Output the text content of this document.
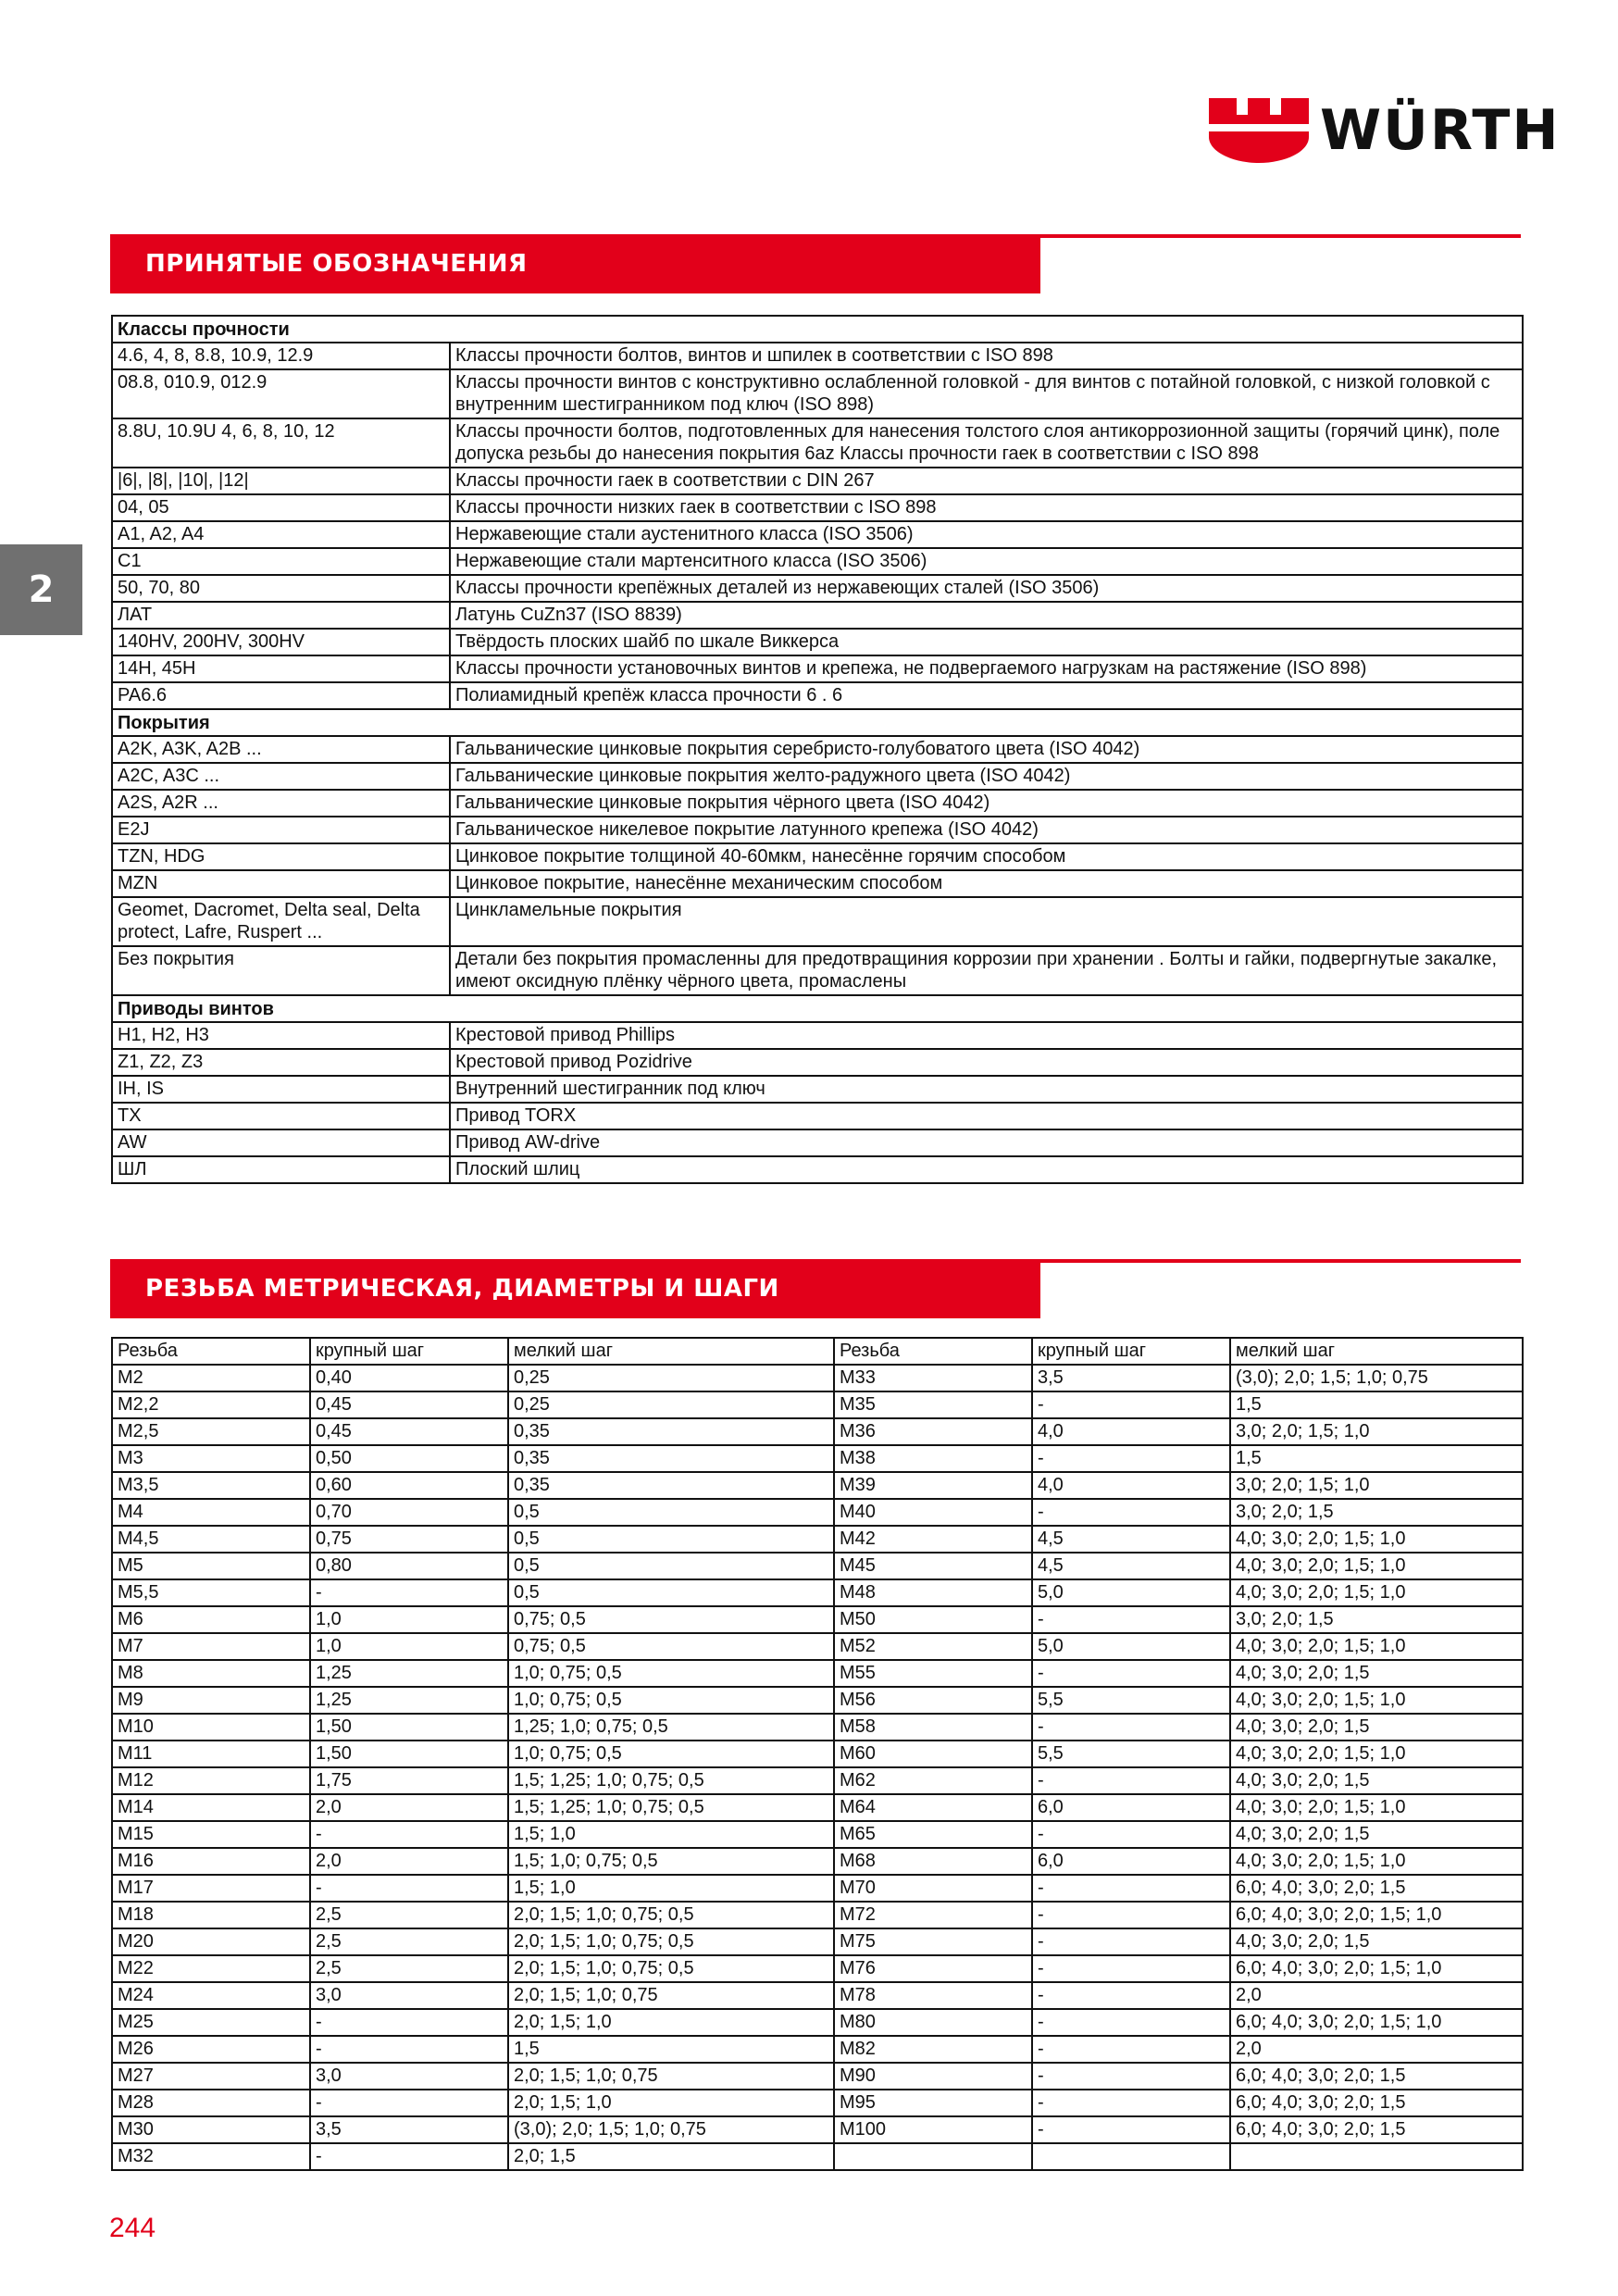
WÜRTH
2
ПРИНЯТЫЕ ОБОЗНАЧЕНИЯ
Классы прочности	
4.6, 4, 8, 8.8, 10.9, 12.9	Классы прочности болтов, винтов и шпилек в соответствии с ISO 898
08.8, 010.9, 012.9	Классы прочности винтов с конструктивно ослабленной головкой - для винтов с потайной головкой, с низкой головкой с внутренним шестигранником под ключ (ISO 898)
8.8U, 10.9U 4, 6, 8, 10, 12	Классы прочности болтов, подготовленных для нанесения толстого слоя антикоррозионной защиты (горячий цинк), поле допуска резьбы до нанесения покрытия 6az Классы прочности гаек в соответствии с ISO 898
|6|, |8|, |10|, |12|	Классы прочности гаек в соответствии с DIN 267
04, 05	Классы прочности низких гаек в соответствии с ISO 898
A1, A2, A4	Нержавеющие стали аустенитного класса (ISO 3506)
C1	Нержавеющие стали мартенситного класса (ISO 3506)
50, 70, 80	Классы прочности крепёжных деталей из нержавеющих сталей (ISO 3506)
ЛАТ	Латунь CuZn37 (ISO 8839)
140HV, 200HV, 300HV	Твёрдость плоских шайб по шкале Виккерса
14H, 45H	Классы прочности установочных винтов и крепежа, не подвергаемого нагрузкам на растяжение (ISO 898)
PA6.6	Полиамидный крепёж класса прочности 6 . 6
Покрытия	
A2K, A3K, A2B ...	Гальванические цинковые покрытия серебристо-голубоватого цвета (ISO 4042)
A2C, A3C ...	Гальванические цинковые покрытия желто-радужного цвета (ISO 4042)
A2S, A2R ...	Гальванические цинковые покрытия чёрного цвета (ISO 4042)
E2J	Гальваническое никелевое покрытие латунного крепежа (ISO 4042)
TZN, HDG	Цинковое покрытие толщиной 40-60мкм, нанесённе горячим способом
MZN	Цинковое покрытие, нанесённе механическим способом
Geomet, Dacromet, Delta seal, Delta protect, Lafre, Ruspert ...	Цинкламельные покрытия
Без покрытия	Детали без покрытия промасленны для предотвращиния коррозии при хранении . Болты и гайки, подвергнутые закалке, имеют оксидную плёнку чёрного цвета, промаслены
Приводы винтов	
H1, H2, H3	Крестовой привод Phillips
Z1, Z2, Z3	Крестовой привод Pozidrive
IH, IS	Внутренний шестигранник под ключ
TX	Привод TORX
AW	Привод AW-drive
ШЛ	Плоский шлиц
РЕЗЬБА МЕТРИЧЕСКАЯ, ДИАМЕТРЫ И ШАГИ
Резьба	крупный шаг	мелкий шаг	Резьба	крупный шаг	мелкий шаг
M2	0,40	0,25	M33	3,5	(3,0); 2,0; 1,5; 1,0; 0,75
M2,2	0,45	0,25	M35	-	1,5
M2,5	0,45	0,35	M36	4,0	3,0; 2,0; 1,5; 1,0
M3	0,50	0,35	M38	-	1,5
M3,5	0,60	0,35	M39	4,0	3,0; 2,0; 1,5; 1,0
M4	0,70	0,5	M40	-	3,0; 2,0; 1,5
M4,5	0,75	0,5	M42	4,5	4,0; 3,0; 2,0; 1,5; 1,0
M5	0,80	0,5	M45	4,5	4,0; 3,0; 2,0; 1,5; 1,0
M5,5	-	0,5	M48	5,0	4,0; 3,0; 2,0; 1,5; 1,0
M6	1,0	0,75; 0,5	M50	-	3,0; 2,0; 1,5
M7	1,0	0,75; 0,5	M52	5,0	4,0; 3,0; 2,0; 1,5; 1,0
M8	1,25	1,0; 0,75; 0,5	M55	-	4,0; 3,0; 2,0; 1,5
M9	1,25	1,0; 0,75; 0,5	M56	5,5	4,0; 3,0; 2,0; 1,5; 1,0
M10	1,50	1,25; 1,0; 0,75; 0,5	M58	-	4,0; 3,0; 2,0; 1,5
M11	1,50	1,0; 0,75; 0,5	M60	5,5	4,0; 3,0; 2,0; 1,5; 1,0
M12	1,75	1,5; 1,25; 1,0; 0,75; 0,5	M62	-	4,0; 3,0; 2,0; 1,5
M14	2,0	1,5; 1,25; 1,0; 0,75; 0,5	M64	6,0	4,0; 3,0; 2,0; 1,5; 1,0
M15	-	1,5; 1,0	M65	-	4,0; 3,0; 2,0; 1,5
M16	2,0	1,5; 1,0; 0,75; 0,5	M68	6,0	4,0; 3,0; 2,0; 1,5; 1,0
M17	-	1,5; 1,0	M70	-	6,0; 4,0; 3,0; 2,0; 1,5
M18	2,5	2,0; 1,5; 1,0; 0,75; 0,5	M72	-	6,0; 4,0; 3,0; 2,0; 1,5; 1,0
M20	2,5	2,0; 1,5; 1,0; 0,75; 0,5	M75	-	4,0; 3,0; 2,0; 1,5
M22	2,5	2,0; 1,5; 1,0; 0,75; 0,5	M76	-	6,0; 4,0; 3,0; 2,0; 1,5; 1,0
M24	3,0	2,0; 1,5; 1,0; 0,75	M78	-	2,0
M25	-	2,0; 1,5; 1,0	M80	-	6,0; 4,0; 3,0; 2,0; 1,5; 1,0
M26	-	1,5	M82	-	2,0
M27	3,0	2,0; 1,5; 1,0; 0,75	M90	-	6,0; 4,0; 3,0; 2,0; 1,5
M28	-	2,0; 1,5; 1,0	M95	-	6,0; 4,0; 3,0; 2,0; 1,5
M30	3,5	(3,0); 2,0; 1,5; 1,0; 0,75	M100	-	6,0; 4,0; 3,0; 2,0; 1,5
M32	-	2,0; 1,5			
244
